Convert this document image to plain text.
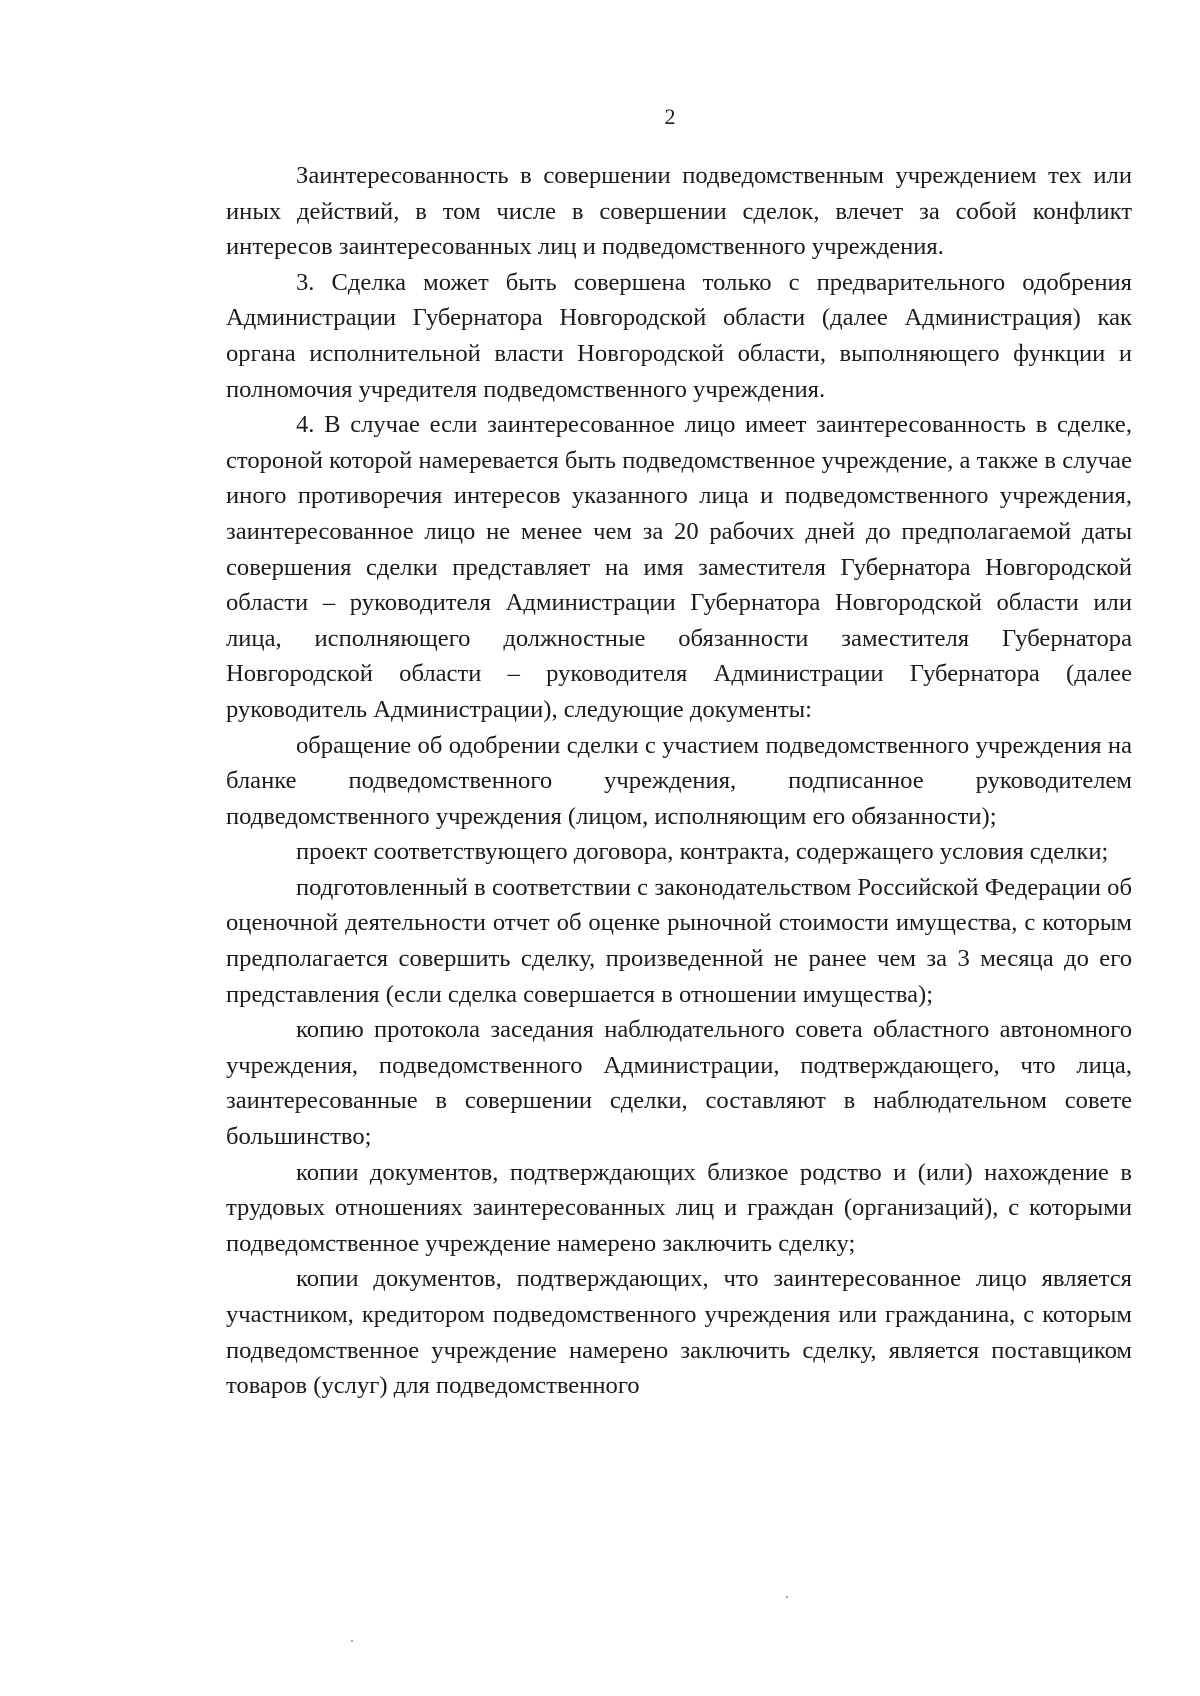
2

Заинтересованность в совершении подведомственным учреждением тех или иных действий, в том числе в совершении сделок, влечет за собой конфликт интересов заинтересованных лиц и подведомственного учреждения.

3. Сделка может быть совершена только с предварительного одобрения Администрации Губернатора Новгородской области (далее Администрация) как органа исполнительной власти Новгородской области, выполняющего функции и полномочия учредителя подведомственного учреждения.

4. В случае если заинтересованное лицо имеет заинтересованность в сделке, стороной которой намеревается быть подведомственное учреждение, а также в случае иного противоречия интересов указанного лица и подведомственного учреждения, заинтересованное лицо не менее чем за 20 рабочих дней до предполагаемой даты совершения сделки представляет на имя заместителя Губернатора Новгородской области – руководителя Администрации Губернатора Новгородской области или лица, исполняющего должностные обязанности заместителя Губернатора Новгородской области – руководителя Администрации Губернатора (далее руководитель Администрации), следующие документы:

обращение об одобрении сделки с участием подведомственного учреждения на бланке подведомственного учреждения, подписанное руководителем подведомственного учреждения (лицом, исполняющим его обязанности);

проект соответствующего договора, контракта, содержащего условия сделки;

подготовленный в соответствии с законодательством Российской Федерации об оценочной деятельности отчет об оценке рыночной стоимости имущества, с которым предполагается совершить сделку, произведенной не ранее чем за 3 месяца до его представления (если сделка совершается в отношении имущества);

копию протокола заседания наблюдательного совета областного автономного учреждения, подведомственного Администрации, подтверждающего, что лица, заинтересованные в совершении сделки, составляют в наблюдательном совете большинство;

копии документов, подтверждающих близкое родство и (или) нахождение в трудовых отношениях заинтересованных лиц и граждан (организаций), с которыми подведомственное учреждение намерено заключить сделку;

копии документов, подтверждающих, что заинтересованное лицо является участником, кредитором подведомственного учреждения или гражданина, с которым подведомственное учреждение намерено заключить сделку, является поставщиком товаров (услуг) для подведомственного
